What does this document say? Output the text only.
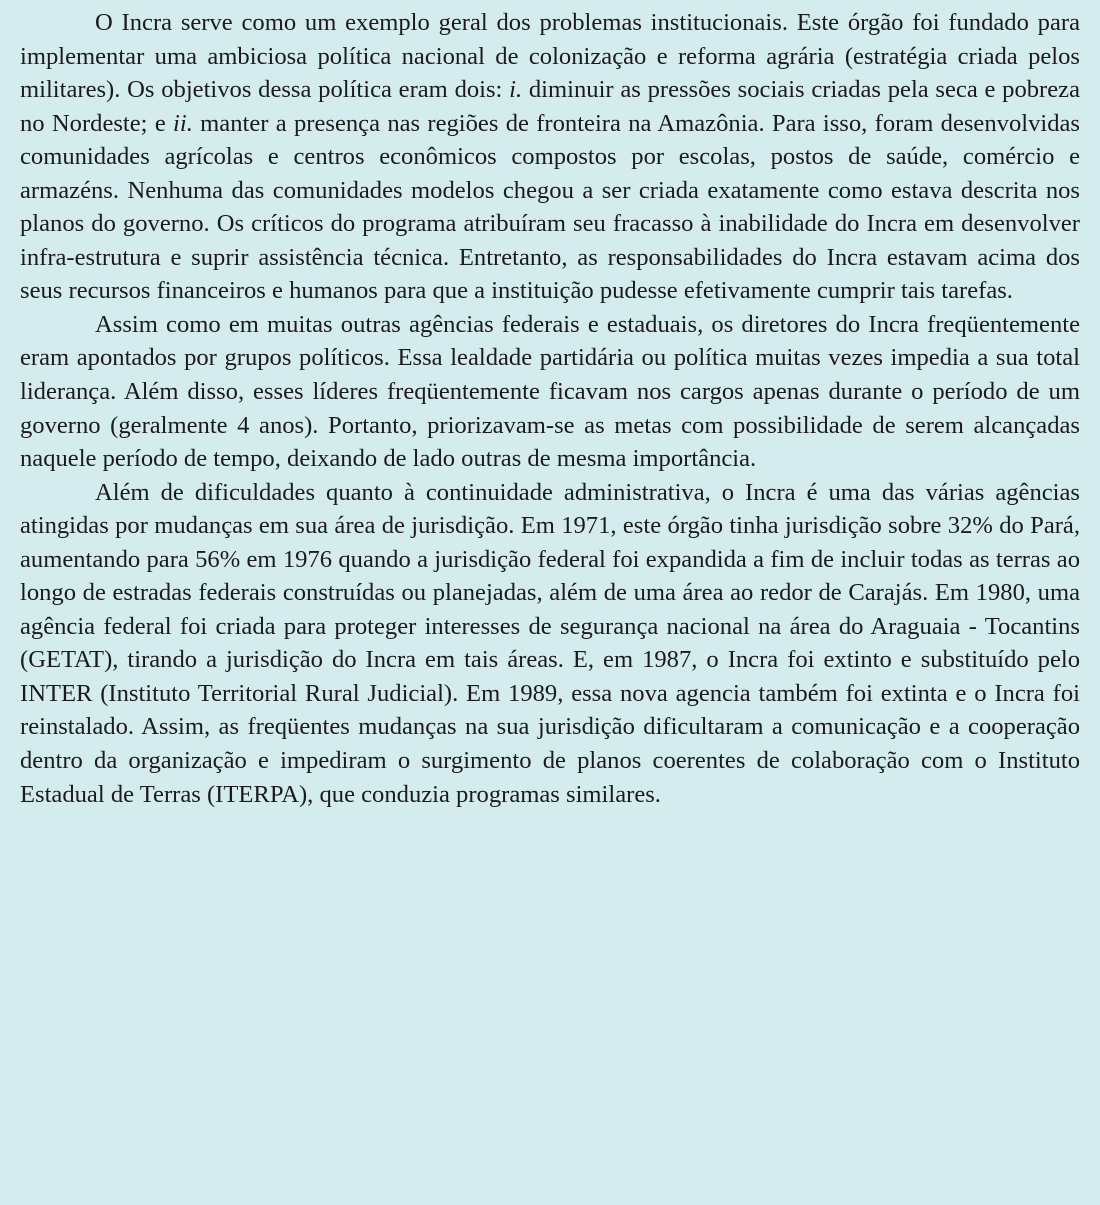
O Incra serve como um exemplo geral dos problemas institucionais. Este órgão foi fundado para implementar uma ambiciosa política nacional de colonização e reforma agrária (estratégia criada pelos militares). Os objetivos dessa política eram dois: i. diminuir as pressões sociais criadas pela seca e pobreza no Nordeste; e ii. manter a presença nas regiões de fronteira na Amazônia. Para isso, foram desenvolvidas comunidades agrícolas e centros econômicos compostos por escolas, postos de saúde, comércio e armazéns. Nenhuma das comunidades modelos chegou a ser criada exatamente como estava descrita nos planos do governo. Os críticos do programa atribuíram seu fracasso à inabilidade do Incra em desenvolver infra-estrutura e suprir assistência técnica. Entretanto, as responsabilidades do Incra estavam acima dos seus recursos financeiros e humanos para que a instituição pudesse efetivamente cumprir tais tarefas.

Assim como em muitas outras agências federais e estaduais, os diretores do Incra freqüentemente eram apontados por grupos políticos. Essa lealdade partidária ou política muitas vezes impedia a sua total liderança. Além disso, esses líderes freqüentemente ficavam nos cargos apenas durante o período de um governo (geralmente 4 anos). Portanto, priorizavam-se as metas com possibilidade de serem alcançadas naquele período de tempo, deixando de lado outras de mesma importância.

Além de dificuldades quanto à continuidade administrativa, o Incra é uma das várias agências atingidas por mudanças em sua área de jurisdição. Em 1971, este órgão tinha jurisdição sobre 32% do Pará, aumentando para 56% em 1976 quando a jurisdição federal foi expandida a fim de incluir todas as terras ao longo de estradas federais construídas ou planejadas, além de uma área ao redor de Carajás. Em 1980, uma agência federal foi criada para proteger interesses de segurança nacional na área do Araguaia - Tocantins (GETAT), tirando a jurisdição do Incra em tais áreas. E, em 1987, o Incra foi extinto e substituído pelo INTER (Instituto Territorial Rural Judicial). Em 1989, essa nova agencia também foi extinta e o Incra foi reinstalado. Assim, as freqüentes mudanças na sua jurisdição dificultaram a comunicação e a cooperação dentro da organização e impediram o surgimento de planos coerentes de colaboração com o Instituto Estadual de Terras (ITERPA), que conduzia programas similares.
